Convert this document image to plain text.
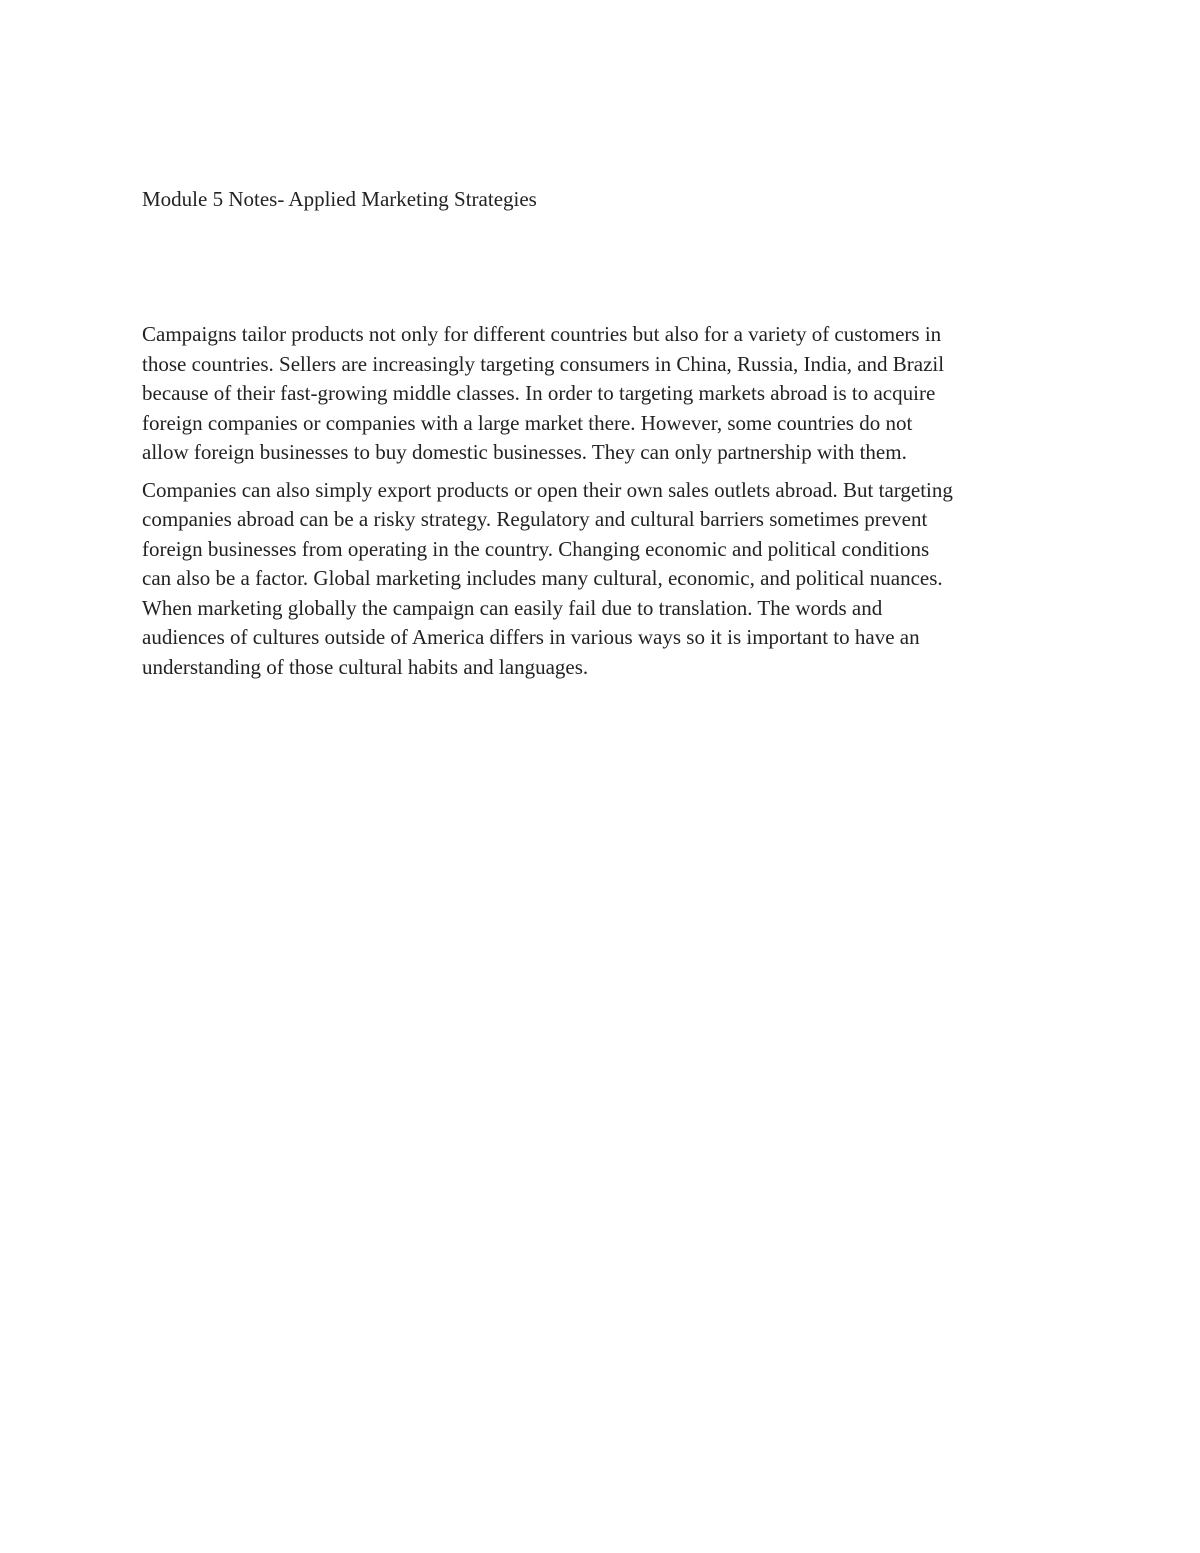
Module 5 Notes- Applied Marketing Strategies

Campaigns tailor products not only for different countries but also for a variety of customers in
those countries. Sellers are increasingly targeting consumers in China, Russia, India, and Brazil
because of their fast-growing middle classes. In order to targeting markets abroad is to acquire
foreign companies or companies with a large market there. However, some countries do not
allow foreign businesses to buy domestic businesses. They can only partnership with them.

Companies can also simply export products or open their own sales outlets abroad. But targeting
companies abroad can be a risky strategy. Regulatory and cultural barriers sometimes prevent
foreign businesses from operating in the country. Changing economic and political conditions
can also be a factor. Global marketing includes many cultural, economic, and political nuances.
When marketing globally the campaign can easily fail due to translation. The words and
audiences of cultures outside of America differs in various ways so it is important to have an
understanding of those cultural habits and languages.
